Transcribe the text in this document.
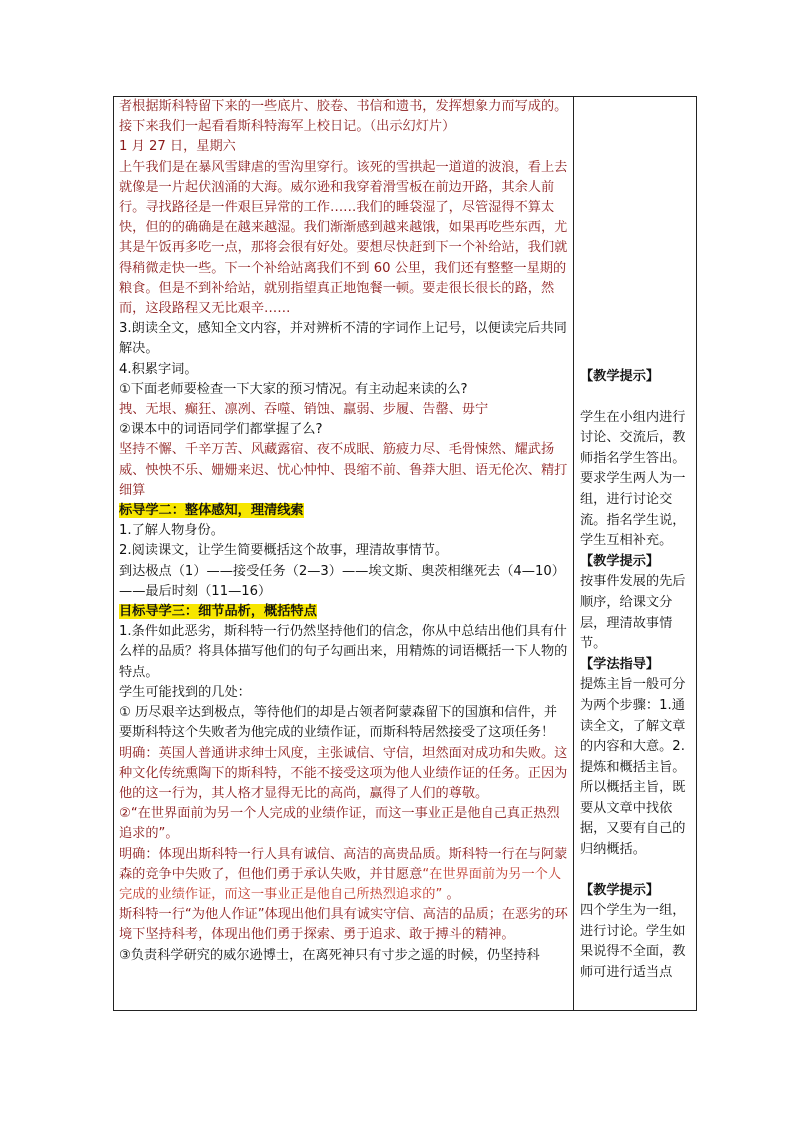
者根据斯科特留下来的一些底片、胶卷、书信和遗书，发挥想象力而写成的。接下来我们一起看看斯科特海军上校日记。（出示幻灯片）

1 月 27 日，星期六

上午我们是在暴风雪肆虐的雪沟里穿行。该死的雪拱起一道道的波浪，看上去就像是一片起伏汹涌的大海。威尔逊和我穿着滑雪板在前边开路，其余人前行。寻找路径是一件艰巨异常的工作……我们的睡袋湿了，尽管湿得不算太快，但的的确确是在越来越湿。我们渐渐感到越来越饿，如果再吃些东西，尤其是午饭再多吃一点，那将会很有好处。要想尽快赶到下一个补给站，我们就得稍微走快一些。下一个补给站离我们不到 60 公里，我们还有整整一星期的粮食。但是不到补给站，就别指望真正地饱餐一顿。要走很长很长的路，然而，这段路程又无比艰辛……

3.朗读全文，感知全文内容，并对辨析不清的字词作上记号，以便读完后共同解决。

4.积累字词。

①下面老师要检查一下大家的预习情况。有主动起来读的么?

拽、无垠、癫狂、凛冽、吞噬、销蚀、羸弱、步履、告罄、毋宁

②课本中的词语同学们都掌握了么?

坚持不懈、千辛万苦、风藏露宿、夜不成眠、筋疲力尽、毛骨悚然、耀武扬威、怏怏不乐、姗姗来迟、忧心忡忡、畏缩不前、鲁莽大胆、语无伦次、精打细算

标导学二：整体感知，理清线索

1.了解人物身份。

2.阅读课文，让学生简要概括这个故事，理清故事情节。

到达极点（1）——接受任务（2—3）——埃文斯、奥茨相继死去（4—10）——最后时刻（11—16）

目标导学三：细节品析，概括特点

1.条件如此恶劣，斯科特一行仍然坚持他们的信念，你从中总结出他们具有什么样的品质？将具体描写他们的句子勾画出来，用精炼的词语概括一下人物的特点。

学生可能找到的几处：

① 历尽艰辛达到极点，等待他们的却是占领者阿蒙森留下的国旗和信件，并要斯科特这个失败者为他完成的业绩作证，而斯科特居然接受了这项任务！

明确：英国人普通讲求绅士风度，主张诚信、守信，坦然面对成功和失败。这种文化传统熏陶下的斯科特，不能不接受这项为他人业绩作证的任务。正因为他的这一行为，其人格才显得无比的高尚，赢得了人们的尊敬。

②“在世界面前为另一个人完成的业绩作证，而这一事业正是他自己真正热烈追求的”。

明确：体现出斯科特一行人具有诚信、高洁的高贵品质。斯科特一行在与阿蒙森的竞争中失败了，但他们勇于承认失败，并甘愿意“在世界面前为另一个人完成的业绩作证，而这一事业正是他自己所热烈追求的” 。

斯科特一行“为他人作证”体现出他们具有诚实守信、高洁的品质；在恶劣的环境下坚持科考，体现出他们勇于探索、勇于追求、敢于搏斗的精神。

③负责科学研究的威尔逊博士，在离死神只有寸步之遥的时候，仍坚持科

【教学提示】

学生在小组内进行讨论、交流后，教师指名学生答出。

要求学生两人为一组，进行讨论交流。指名学生说，学生互相补充。

【教学提示】

按事件发展的先后顺序，给课文分层，理清故事情节。

【学法指导】

提炼主旨一般可分为两个步骤：1.通读全文，了解文章的内容和大意。2.提炼和概括主旨。所以概括主旨，既要从文章中找依据，又要有自己的归纳概括。

【教学提示】

四个学生为一组，进行讨论。学生如果说得不全面，教师可进行适当点
